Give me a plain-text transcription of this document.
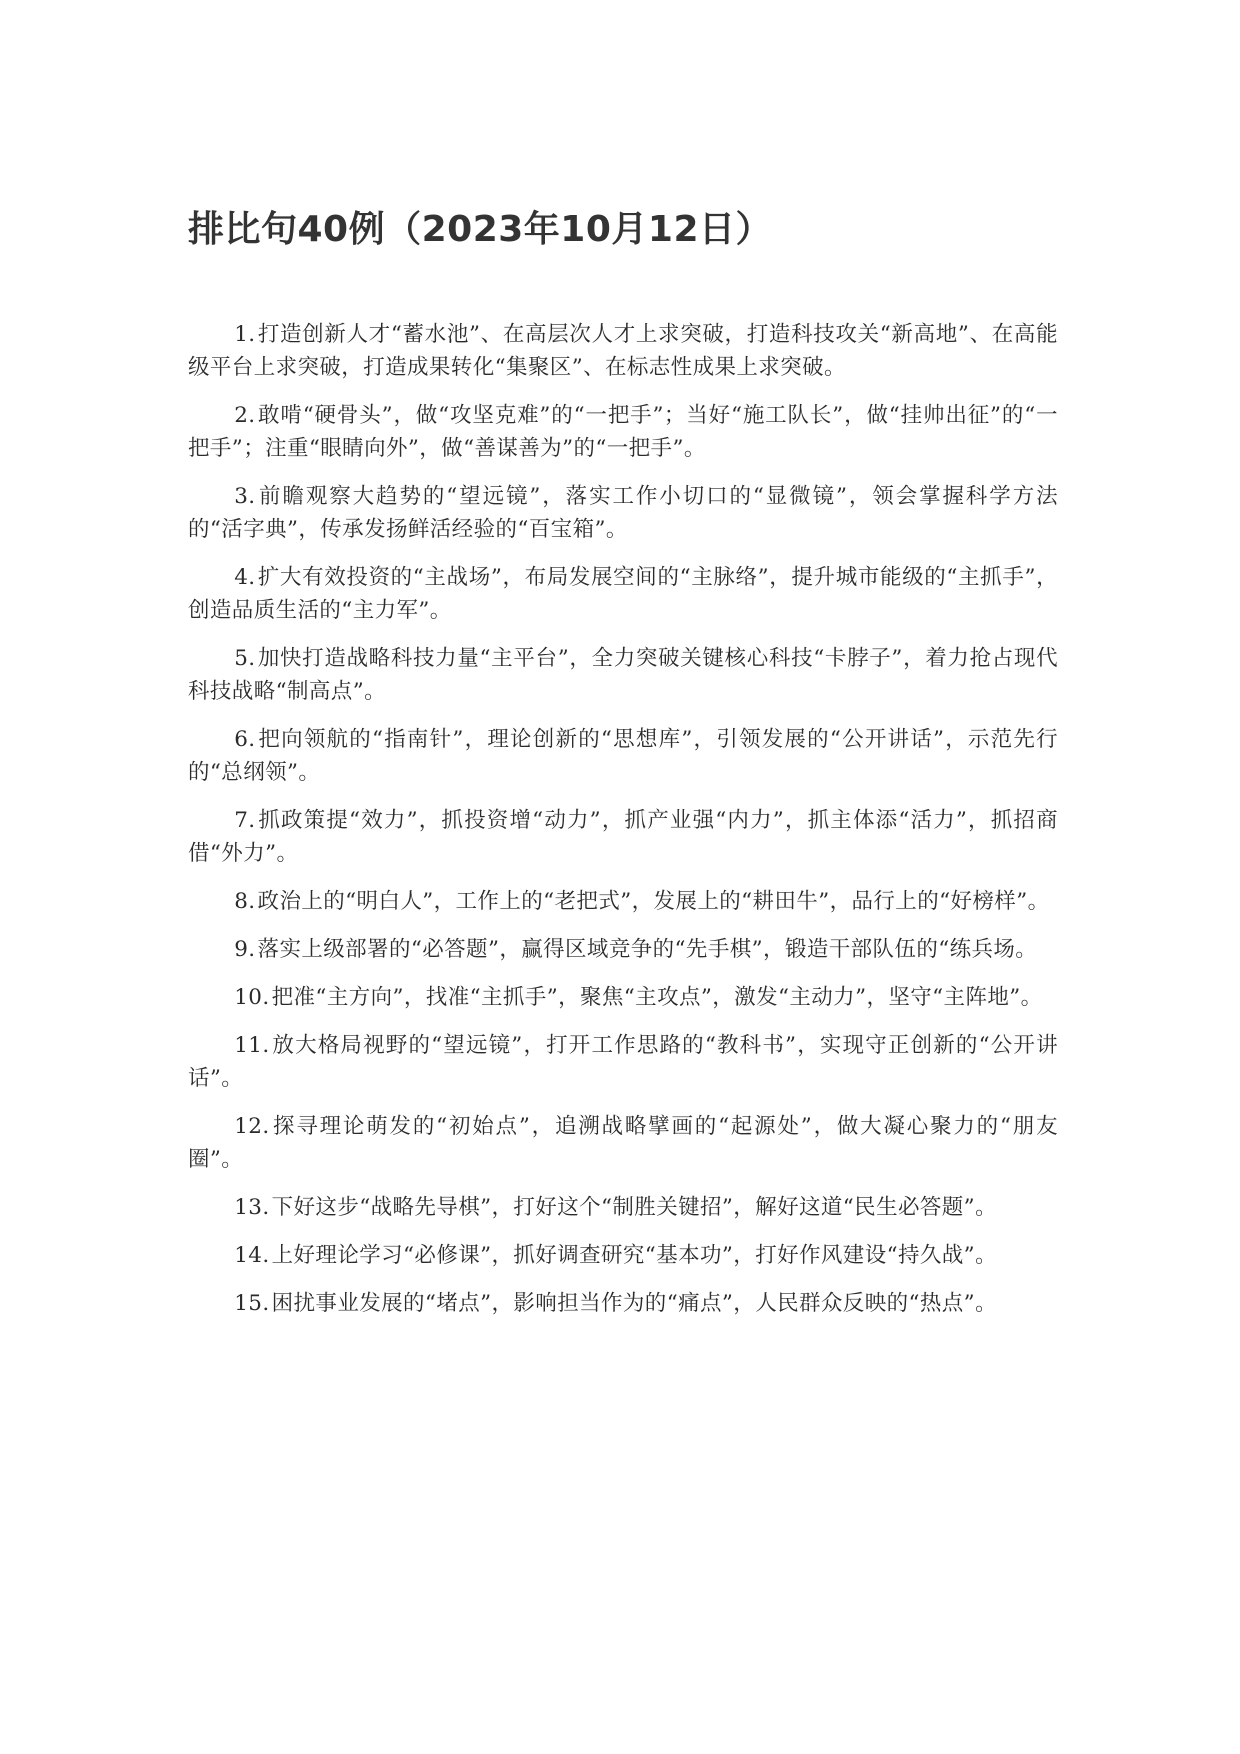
排比句40例（2023年10月12日）
1.打造创新人才“蓄水池”、在高层次人才上求突破，打造科技攻关“新高地”、在高能级平台上求突破，打造成果转化“集聚区”、在标志性成果上求突破。
2.敢啃“硬骨头”，做“攻坚克难”的“一把手”；当好“施工队长”，做“挂帅出征”的“一把手”；注重“眼睛向外”，做“善谋善为”的“一把手”。
3.前瞻观察大趋势的“望远镜”，落实工作小切口的“显微镜”，领会掌握科学方法的“活字典”，传承发扬鲜活经验的“百宝箱”。
4.扩大有效投资的“主战场”，布局发展空间的“主脉络”，提升城市能级的“主抓手”，创造品质生活的“主力军”。
5.加快打造战略科技力量“主平台”，全力突破关键核心科技“卡脖子”，着力抢占现代科技战略“制高点”。
6.把向领航的“指南针”，理论创新的“思想库”，引领发展的“公开讲话”，示范先行的“总纲领”。
7.抓政策提“效力”，抓投资增“动力”，抓产业强“内力”，抓主体添“活力”，抓招商借“外力”。
8.政治上的“明白人”，工作上的“老把式”，发展上的“耕田牛”，品行上的“好榜样”。
9.落实上级部署的“必答题”，赢得区域竞争的“先手棋”，锻造干部队伍的“练兵场。
10.把准“主方向”，找准“主抓手”，聚焦“主攻点”，激发“主动力”，坚守“主阵地”。
11.放大格局视野的“望远镜”，打开工作思路的“教科书”，实现守正创新的“公开讲话”。
12.探寻理论萌发的“初始点”，追溯战略擘画的“起源处”，做大凝心聚力的“朋友圈”。
13.下好这步“战略先导棋”，打好这个“制胜关键招”，解好这道“民生必答题”。
14.上好理论学习“必修课”，抓好调查研究“基本功”，打好作风建设“持久战”。
15.困扰事业发展的“堵点”，影响担当作为的“痛点”，人民群众反映的“热点”。
